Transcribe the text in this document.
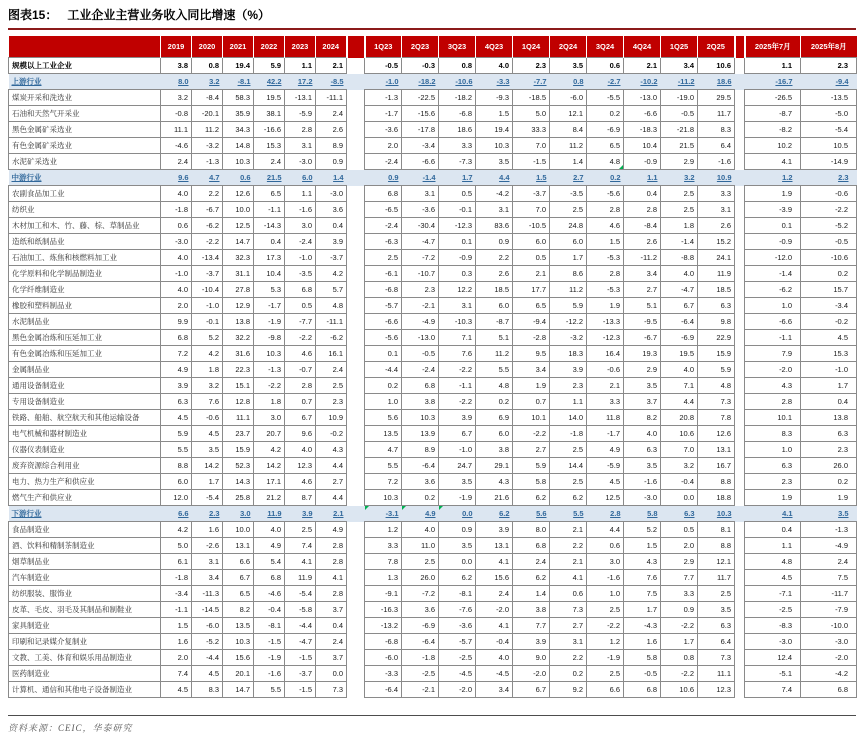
图表15： 工业企业主营业务收入同比增速（%）
	2019	2020	2021	2022	2023	2024		1Q23	2Q23	3Q23	4Q23	1Q24	2Q24	3Q24	4Q24	1Q25	2Q25		2025年7月	2025年8月
规模以上工业企业	3.8	0.8	19.4	5.9	1.1	2.1		-0.5	-0.3	0.8	4.0	2.3	3.5	0.6	2.1	3.4	10.6		1.1	2.3
上游行业	8.0	3.2	-8.1	42.2	17.2	-8.5		-1.0	-18.2	-10.6	-3.3	-7.7	0.8	-2.7	-10.2	-11.2	18.6		-16.7	-9.4
煤炭开采和洗选业	3.2	-8.4	58.3	19.5	-13.1	-11.1		-1.3	-22.5	-18.2	-9.3	-18.5	-6.0	-5.5	-13.0	-19.0	29.5		-26.5	-13.5
石油和天然气开采业	-0.8	-20.1	35.9	38.1	-5.9	2.4		-1.7	-15.6	-6.8	1.5	5.0	12.1	0.2	-6.6	-0.5	11.7		-8.7	-5.0
黑色金属矿采选业	11.1	11.2	34.3	-16.6	2.8	2.6		-3.6	-17.8	18.6	19.4	33.3	8.4	-6.9	-18.3	-21.8	8.3		-8.2	-5.4
有色金属矿采选业	-4.6	-3.2	14.8	15.3	3.1	8.9		2.0	-3.4	3.3	10.3	7.0	11.2	6.5	10.4	21.5	6.4		10.2	10.5
水泥矿采选业	2.4	-1.3	10.3	2.4	-3.0	0.9		-2.4	-6.6	-7.3	3.5	-1.5	1.4	4.8	-0.9	2.9	-1.6		4.1	-14.9
中游行业	9.6	4.7	0.6	21.5	6.0	1.4		0.9	-1.4	1.7	4.4	1.5	2.7	0.2	1.1	3.2	10.9		1.2	2.3
农副食品加工业	4.0	2.2	12.6	6.5	1.1	-3.0		6.8	3.1	0.5	-4.2	-3.7	-3.5	-5.6	0.4	2.5	3.3		1.9	-0.6
纺织业	-1.8	-6.7	10.0	-1.1	-1.6	3.6		-6.5	-3.6	-0.1	3.1	7.0	2.5	2.8	2.8	2.5	3.1		-3.9	-2.2
木材加工和木、竹、藤、棕、草制品业	0.6	-6.2	12.5	-14.3	3.0	0.4		-2.4	-30.4	-12.3	83.6	-10.5	24.8	4.6	-8.4	1.8	2.6		0.1	-5.2
造纸和纸制品业	-3.0	-2.2	14.7	0.4	-2.4	3.9		-6.3	-4.7	0.1	0.9	6.0	6.0	1.5	2.6	-1.4	15.2		-0.9	-0.5
石油加工、炼焦和核燃料加工业	4.0	-13.4	32.3	17.3	-1.0	-3.7		2.5	-7.2	-0.9	2.2	0.5	1.7	-5.3	-11.2	-8.8	24.1		-12.0	-10.6
化学原料和化学制品制造业	-1.0	-3.7	31.1	10.4	-3.5	4.2		-6.1	-10.7	0.3	2.6	2.1	8.6	2.8	3.4	4.0	11.9		-1.4	0.2
化学纤维制造业	4.0	-10.4	27.8	5.3	6.8	5.7		-6.8	2.3	12.2	18.5	17.7	11.2	-5.3	2.7	-4.7	18.5		-6.2	15.7
橡胶和塑料制品业	2.0	-1.0	12.9	-1.7	0.5	4.8		-5.7	-2.1	3.1	6.0	6.5	5.9	1.9	5.1	6.7	6.3		1.0	-3.4
水泥制品业	9.9	-0.1	13.8	-1.9	-7.7	-11.1		-6.6	-4.9	-10.3	-8.7	-9.4	-12.2	-13.3	-9.5	-6.4	9.8		-6.6	-0.2
黑色金属冶炼和压延加工业	6.8	5.2	32.2	-9.8	-2.2	-6.2		-5.6	-13.0	7.1	5.1	-2.8	-3.2	-12.3	-6.7	-6.9	22.9		-1.1	4.5
有色金属冶炼和压延加工业	7.2	4.2	31.6	10.3	4.6	16.1		0.1	-0.5	7.6	11.2	9.5	18.3	16.4	19.3	19.5	15.9		7.9	15.3
金属制品业	4.9	1.8	22.3	-1.3	-0.7	2.4		-4.4	-2.4	-2.2	5.5	3.4	3.9	-0.6	2.9	4.0	5.9		-2.0	-1.0
通用设备制造业	3.9	3.2	15.1	-2.2	2.8	2.5		0.2	6.8	-1.1	4.8	1.9	2.3	2.1	3.5	7.1	4.8		4.3	1.7
专用设备制造业	6.3	7.6	12.8	1.8	0.7	2.3		1.0	3.8	-2.2	0.2	0.7	1.1	3.3	3.7	4.4	7.3		2.8	0.4
铁路、船舶、航空航天和其他运输设备	4.5	-0.6	11.1	3.0	6.7	10.9		5.6	10.3	3.9	6.9	10.1	14.0	11.8	8.2	20.8	7.8		10.1	13.8
电气机械和器材制造业	5.9	4.5	23.7	20.7	9.6	-0.2		13.5	13.9	6.7	6.0	-2.2	-1.8	-1.7	4.0	10.6	12.6		8.3	6.3
仪器仪表制造业	5.5	3.5	15.9	4.2	4.0	4.3		4.7	8.9	-1.0	3.8	2.7	2.5	4.9	6.3	7.0	13.1		1.0	2.3
废弃资源综合利用业	8.8	14.2	52.3	14.2	12.3	4.4		5.5	-6.4	24.7	29.1	5.9	14.4	-5.9	3.5	3.2	16.7		6.3	26.0
电力、热力生产和供应业	6.0	1.7	14.3	17.1	4.6	2.7		7.2	3.6	3.5	4.3	5.8	2.5	4.5	-1.6	-0.4	8.8		2.3	0.2
燃气生产和供应业	12.0	-5.4	25.8	21.2	8.7	4.4		10.3	0.2	-1.9	21.6	6.2	6.2	12.5	-3.0	0.0	18.8		1.9	1.9
下游行业	6.6	2.3	3.0	11.9	3.9	2.1		-3.1	4.9	0.0	6.2	5.6	5.5	2.8	5.8	6.3	10.3		4.1	3.5
食品制造业	4.2	1.6	10.0	4.0	2.5	4.9		1.2	4.0	0.9	3.9	8.0	2.1	4.4	5.2	0.5	8.1		0.4	-1.3
酒、饮料和精制茶制造业	5.0	-2.6	13.1	4.9	7.4	2.8		3.3	11.0	3.5	13.1	6.8	2.2	0.6	1.5	2.0	8.8		1.1	-4.9
烟草制品业	6.1	3.1	6.6	5.4	4.1	2.8		7.8	2.5	0.0	4.1	2.4	2.1	3.0	4.3	2.9	12.1		4.8	2.4
汽车制造业	-1.8	3.4	6.7	6.8	11.9	4.1		1.3	26.0	6.2	15.6	6.2	4.1	-1.6	7.6	7.7	11.7		4.5	7.5
纺织服装、服饰业	-3.4	-11.3	6.5	-4.6	-5.4	2.8		-9.1	-7.2	-8.1	2.4	1.4	0.6	1.0	7.5	3.3	2.5		-7.1	-11.7
皮革、毛皮、羽毛及其制品和制鞋业	-1.1	-14.5	8.2	-0.4	-5.8	3.7		-16.3	3.6	-7.6	-2.0	3.8	7.3	2.5	1.7	0.9	3.5		-2.5	-7.9
家具制造业	1.5	-6.0	13.5	-8.1	-4.4	0.4		-13.2	-6.9	-3.6	4.1	7.7	2.7	-2.2	-4.3	-2.2	6.3		-8.3	-10.0
印刷和记录媒介复制业	1.6	-5.2	10.3	-1.5	-4.7	2.4		-6.8	-6.4	-5.7	-0.4	3.9	3.1	1.2	1.6	1.7	6.4		-3.0	-3.0
文教、工美、体育和娱乐用品制造业	2.0	-4.4	15.6	-1.9	-1.5	3.7		-6.0	-1.8	-2.5	4.0	9.0	2.2	-1.9	5.8	0.8	7.3		12.4	-2.0
医药制造业	7.4	4.5	20.1	-1.6	-3.7	0.0		-3.3	-2.5	-4.5	-4.5	-2.0	0.2	2.5	-0.5	-2.2	11.1		-5.1	-4.2
计算机、通信和其他电子设备制造业	4.5	8.3	14.7	5.5	-1.5	7.3		-6.4	-2.1	-2.0	3.4	6.7	9.2	6.6	6.8	10.6	12.3		7.4	6.8
资料来源：CEIC，华泰研究
